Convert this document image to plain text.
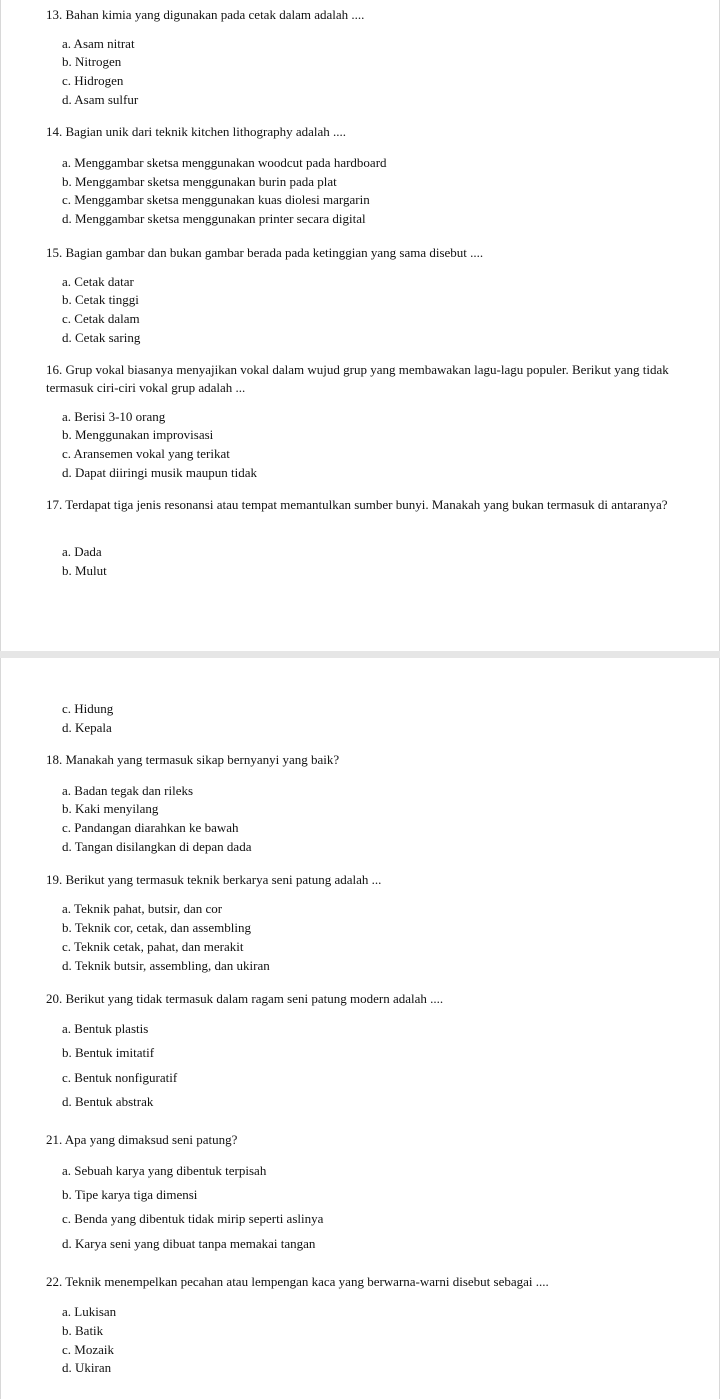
13. Bahan kimia yang digunakan pada cetak dalam adalah ....
a. Asam nitrat
b. Nitrogen
c. Hidrogen
d. Asam sulfur
14. Bagian unik dari teknik kitchen lithography adalah ....
a. Menggambar sketsa menggunakan woodcut pada hardboard
b. Menggambar sketsa menggunakan burin pada plat
c. Menggambar sketsa menggunakan kuas diolesi margarin
d. Menggambar sketsa menggunakan printer secara digital
15. Bagian gambar dan bukan gambar berada pada ketinggian yang sama disebut ....
a. Cetak datar
b. Cetak tinggi
c. Cetak dalam
d. Cetak saring
16. Grup vokal biasanya menyajikan vokal dalam wujud grup yang membawakan lagu-lagu populer. Berikut yang tidak termasuk ciri-ciri vokal grup adalah ...
a. Berisi 3-10 orang
b. Menggunakan improvisasi
c. Aransemen vokal yang terikat
d. Dapat diiringi musik maupun tidak
17. Terdapat tiga jenis resonansi atau tempat memantulkan sumber bunyi. Manakah yang bukan termasuk di antaranya?
a. Dada
b. Mulut
c. Hidung
d. Kepala
18. Manakah yang termasuk sikap bernyanyi yang baik?
a. Badan tegak dan rileks
b. Kaki menyilang
c. Pandangan diarahkan ke bawah
d. Tangan disilangkan di depan dada
19. Berikut yang termasuk teknik berkarya seni patung adalah ...
a. Teknik pahat, butsir, dan cor
b. Teknik cor, cetak, dan assembling
c. Teknik cetak, pahat, dan merakit
d. Teknik butsir, assembling, dan ukiran
20. Berikut yang tidak termasuk dalam ragam seni patung modern adalah ....
a. Bentuk plastis
b. Bentuk imitatif
c. Bentuk nonfiguratif
d. Bentuk abstrak
21. Apa yang dimaksud seni patung?
a. Sebuah karya yang dibentuk terpisah
b. Tipe karya tiga dimensi
c. Benda yang dibentuk tidak mirip seperti aslinya
d. Karya seni yang dibuat tanpa memakai tangan
22. Teknik menempelkan pecahan atau lempengan kaca yang berwarna-warni disebut sebagai ....
a. Lukisan
b. Batik
c. Mozaik
d. Ukiran
